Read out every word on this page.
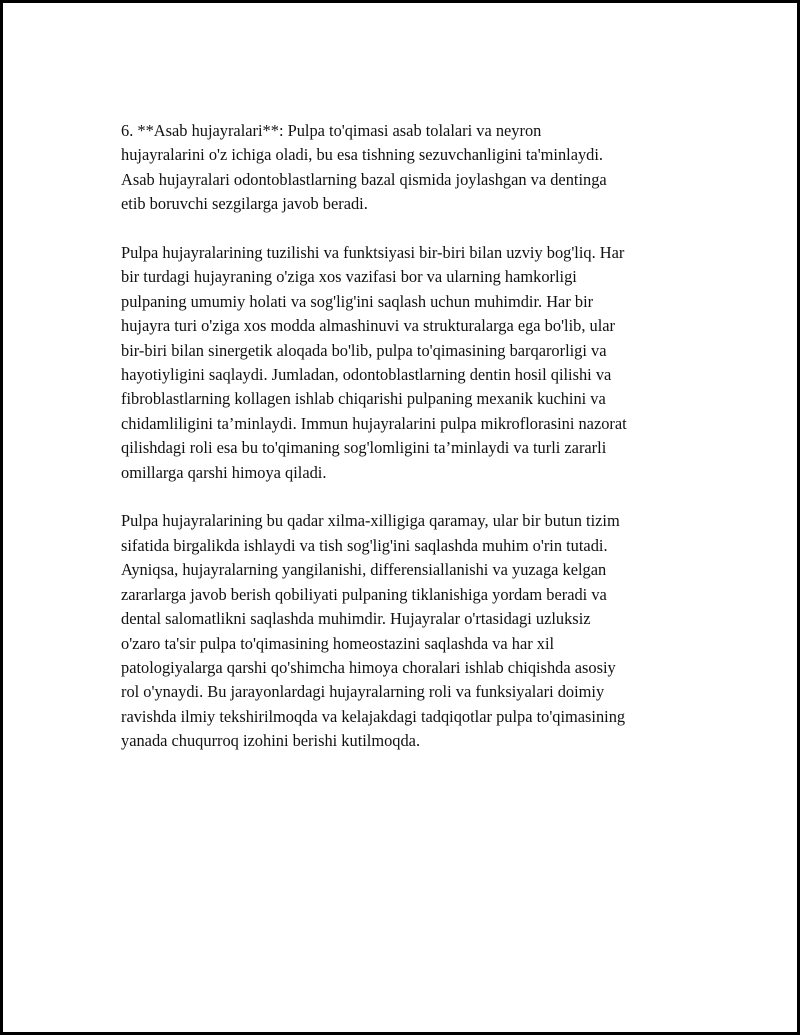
6. **Asab hujayralari**: Pulpa to'qimasi asab tolalari va neyron
hujayralarini o'z ichiga oladi, bu esa tishning sezuvchanligini ta'minlaydi.
Asab hujayralari odontoblastlarning bazal qismida joylashgan va dentinga
etib boruvchi sezgilarga javob beradi.

Pulpa hujayralarining tuzilishi va funktsiyasi bir-biri bilan uzviy bog'liq. Har
bir turdagi hujayraning o'ziga xos vazifasi bor va ularning hamkorligi
pulpaning umumiy holati va sog'lig'ini saqlash uchun muhimdir. Har bir
hujayra turi o'ziga xos modda almashinuvi va strukturalarga ega bo'lib, ular
bir-biri bilan sinergetik aloqada bo'lib, pulpa to'qimasining barqarorligi va
hayotiyligini saqlaydi. Jumladan, odontoblastlarning dentin hosil qilishi va
fibroblastlarning kollagen ishlab chiqarishi pulpaning mexanik kuchini va
chidamliligini ta’minlaydi. Immun hujayralarini pulpa mikroflorasini nazorat
qilishdagi roli esa bu to'qimaning sog'lomligini ta’minlaydi va turli zararli
omillarga qarshi himoya qiladi.

Pulpa hujayralarining bu qadar xilma-xilligiga qaramay, ular bir butun tizim
sifatida birgalikda ishlaydi va tish sog'lig'ini saqlashda muhim o'rin tutadi.
Ayniqsa, hujayralarning yangilanishi, differensiallanishi va yuzaga kelgan
zararlarga javob berish qobiliyati pulpaning tiklanishiga yordam beradi va
dental salomatlikni saqlashda muhimdir. Hujayralar o'rtasidagi uzluksiz
o'zaro ta'sir pulpa to'qimasining homeostazini saqlashda va har xil
patologiyalarga qarshi qo'shimcha himoya choralari ishlab chiqishda asosiy
rol o'ynaydi. Bu jarayonlardagi hujayralarning roli va funksiyalari doimiy
ravishda ilmiy tekshirilmoqda va kelajakdagi tadqiqotlar pulpa to'qimasining
yanada chuqurroq izohini berishi kutilmoqda.
